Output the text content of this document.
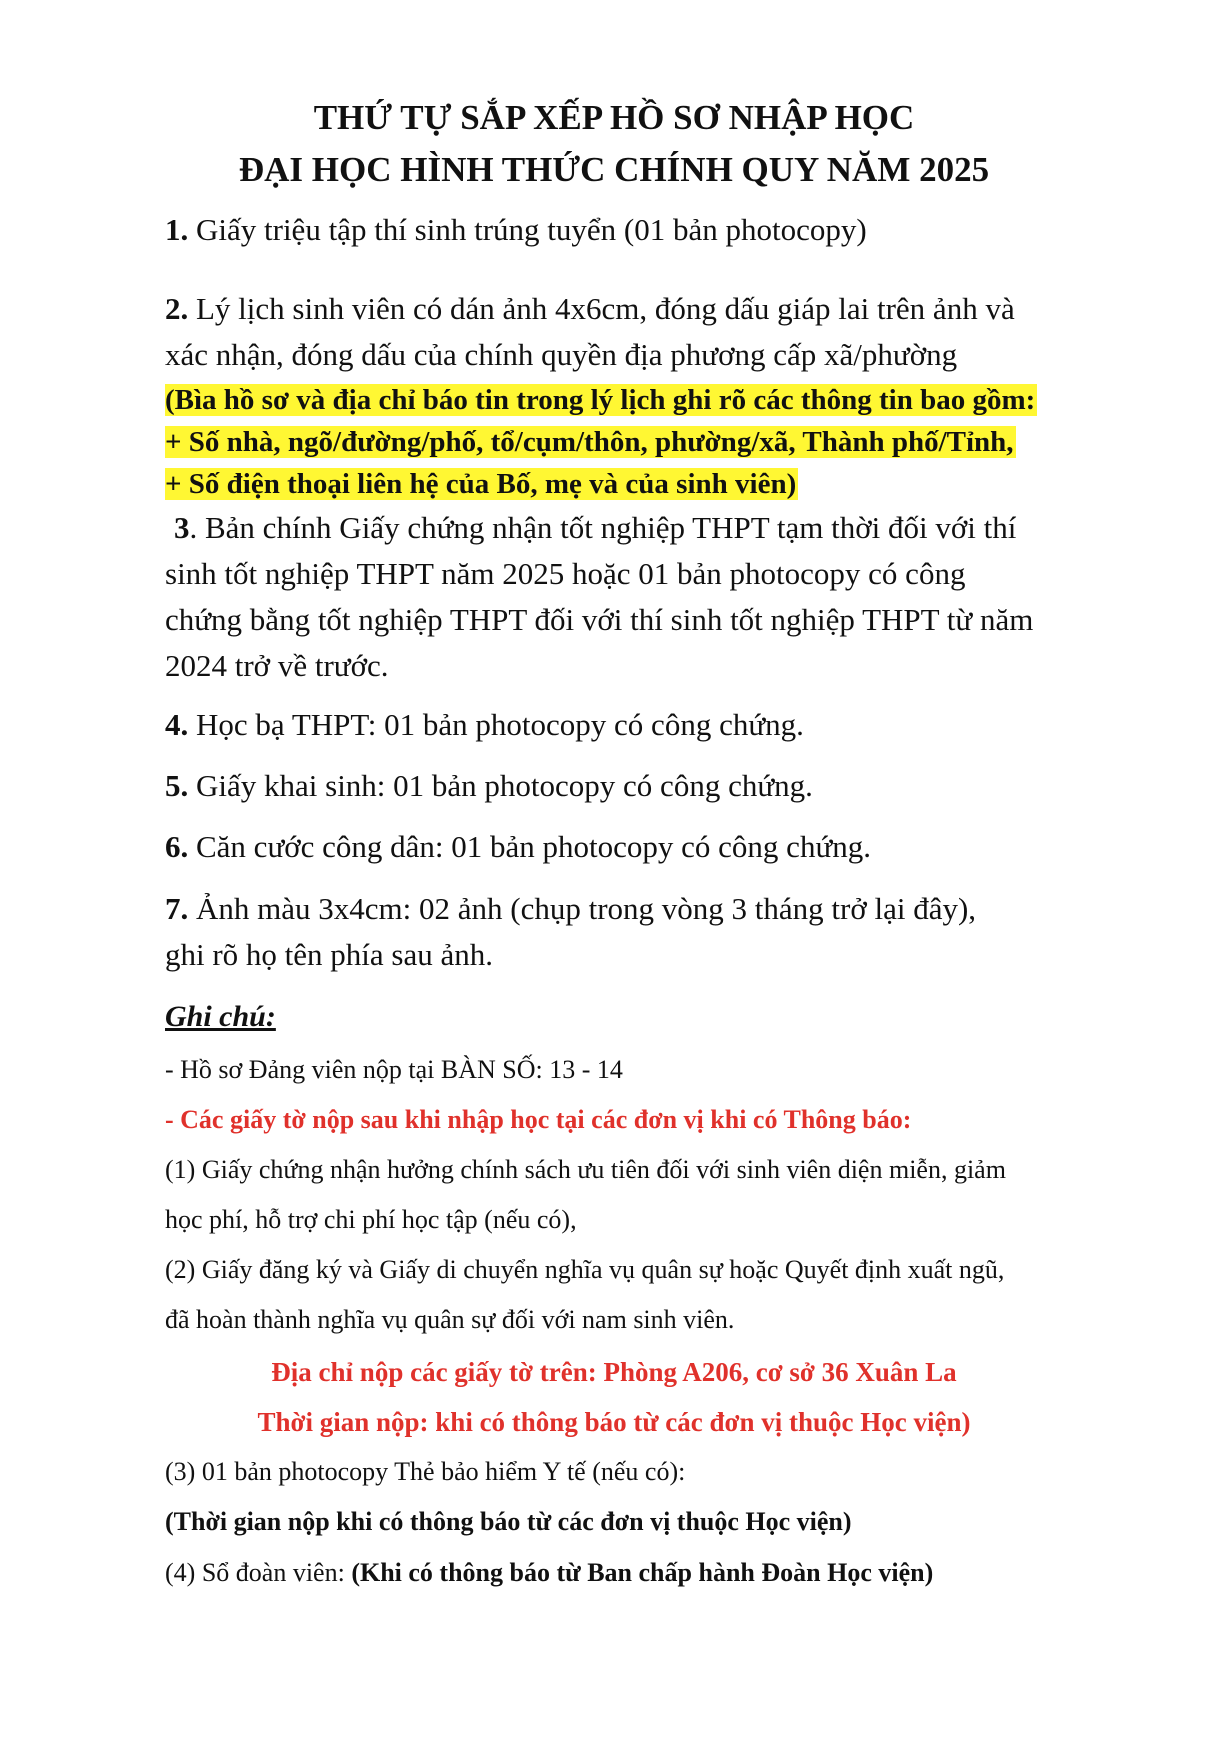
THỨ TỰ SẮP XẾP HỒ SƠ NHẬP HỌC
ĐẠI HỌC HÌNH THỨC CHÍNH QUY NĂM 2025
1. Giấy triệu tập thí sinh trúng tuyển (01 bản photocopy)
2. Lý lịch sinh viên có dán ảnh 4x6cm, đóng dấu giáp lai trên ảnh và
xác nhận, đóng dấu của chính quyền địa phương cấp xã/phường
(Bìa hồ sơ và địa chỉ báo tin trong lý lịch ghi rõ các thông tin bao gồm:
+ Số nhà, ngõ/đường/phố, tổ/cụm/thôn, phường/xã, Thành phố/Tỉnh,
+ Số điện thoại liên hệ của Bố, mẹ và của sinh viên)
3. Bản chính Giấy chứng nhận tốt nghiệp THPT tạm thời đối với thí
sinh tốt nghiệp THPT năm 2025 hoặc 01 bản photocopy có công
chứng bằng tốt nghiệp THPT đối với thí sinh tốt nghiệp THPT từ năm
2024 trở về trước.
4. Học bạ THPT: 01 bản photocopy có công chứng.
5. Giấy khai sinh: 01 bản photocopy có công chứng.
6. Căn cước công dân: 01 bản photocopy có công chứng.
7. Ảnh màu 3x4cm: 02 ảnh (chụp trong vòng 3 tháng trở lại đây),
ghi rõ họ tên phía sau ảnh.
Ghi chú:
- Hồ sơ Đảng viên nộp tại BÀN SỐ: 13 - 14
- Các giấy tờ nộp sau khi nhập học tại các đơn vị khi có Thông báo:
(1) Giấy chứng nhận hưởng chính sách ưu tiên đối với sinh viên diện miễn, giảm
học phí, hỗ trợ chi phí học tập (nếu có),
(2) Giấy đăng ký và Giấy di chuyển nghĩa vụ quân sự hoặc Quyết định xuất ngũ,
đã hoàn thành nghĩa vụ quân sự đối với nam sinh viên.
Địa chỉ nộp các giấy tờ trên: Phòng A206, cơ sở 36 Xuân La
Thời gian nộp: khi có thông báo từ các đơn vị thuộc Học viện)
(3) 01 bản photocopy Thẻ bảo hiểm Y tế (nếu có):
(Thời gian nộp khi có thông báo từ các đơn vị thuộc Học viện)
(4) Sổ đoàn viên: (Khi có thông báo từ Ban chấp hành Đoàn Học viện)
